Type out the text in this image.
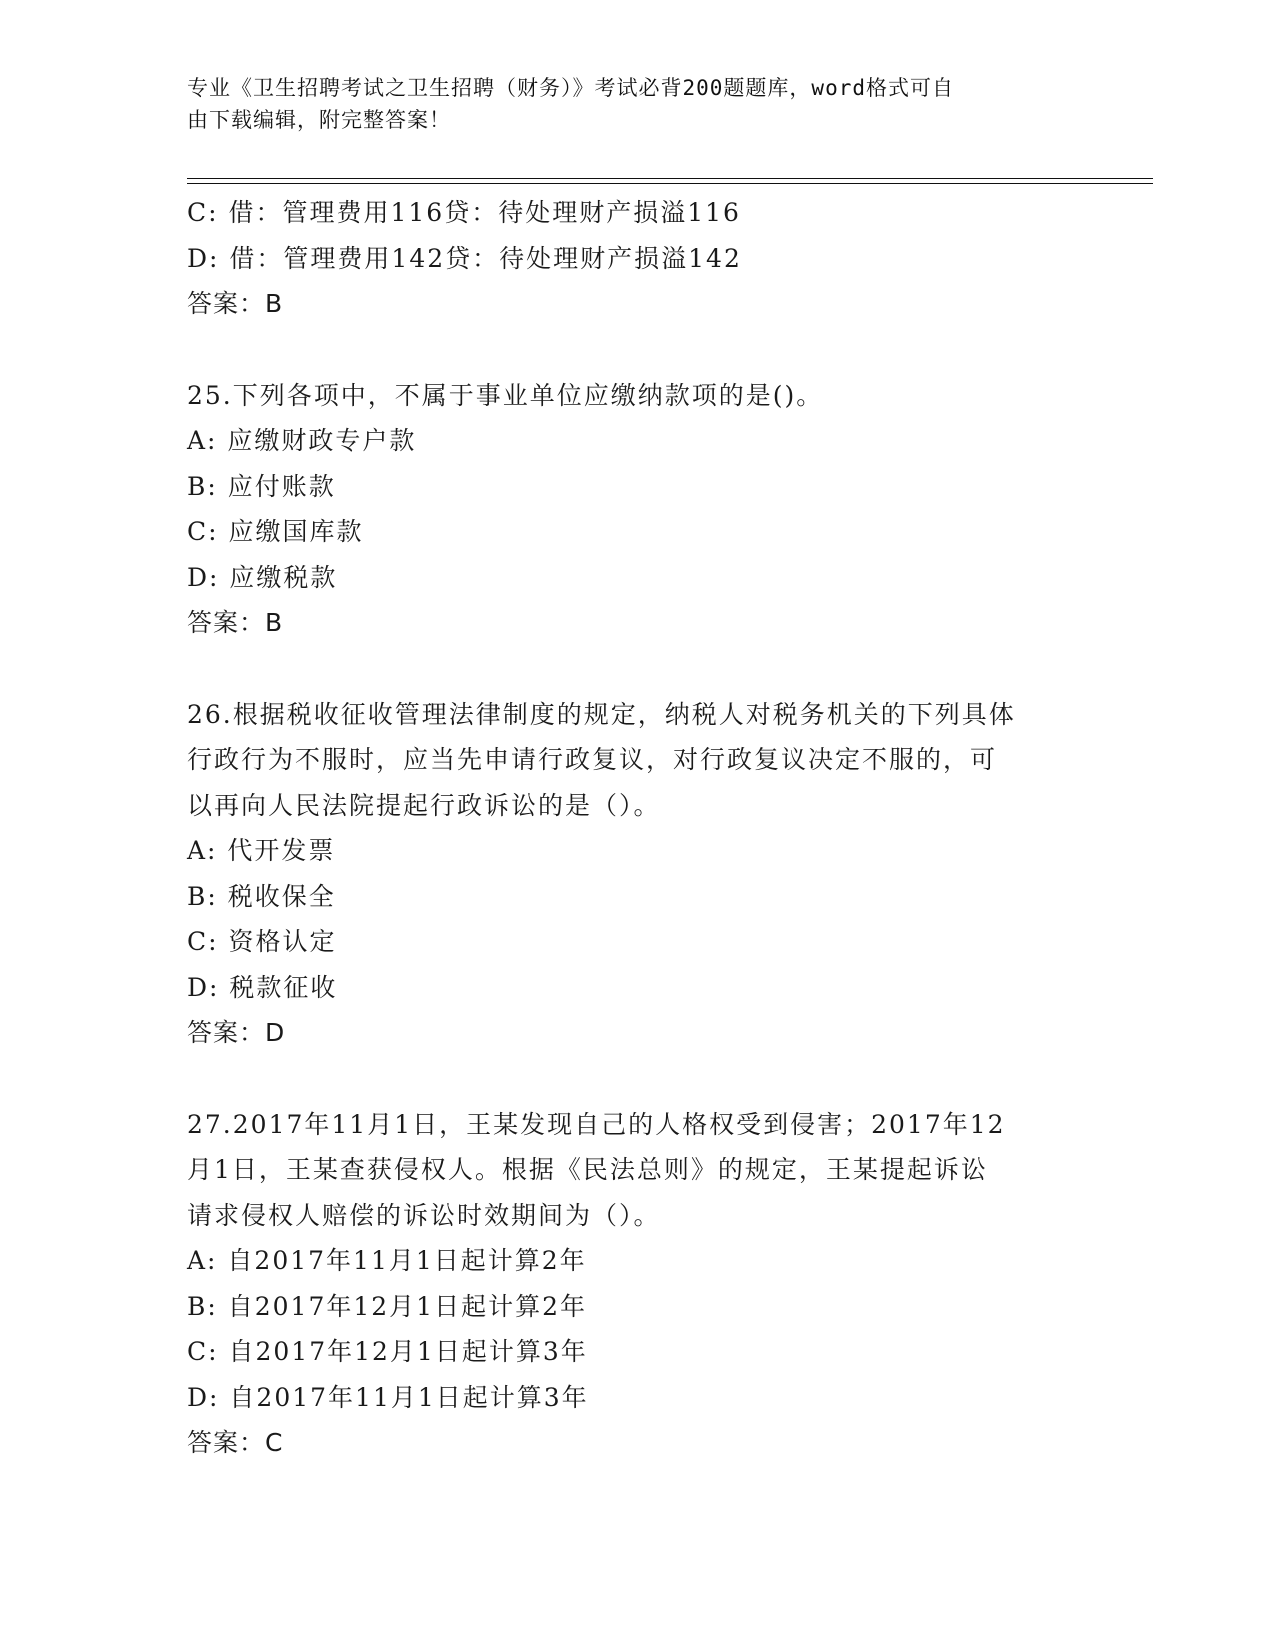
专业《卫生招聘考试之卫生招聘（财务）》考试必背200题题库，word格式可自
由下载编辑，附完整答案！
C: 借：管理费用116贷：待处理财产损溢116
D: 借：管理费用142贷：待处理财产损溢142
答案：B
25.下列各项中，不属于事业单位应缴纳款项的是()。
A: 应缴财政专户款
B: 应付账款
C: 应缴国库款
D: 应缴税款
答案：B
26.根据税收征收管理法律制度的规定，纳税人对税务机关的下列具体
行政行为不服时，应当先申请行政复议，对行政复议决定不服的，可
以再向人民法院提起行政诉讼的是（）。
A: 代开发票
B: 税收保全
C: 资格认定
D: 税款征收
答案：D
27.2017年11月1日，王某发现自己的人格权受到侵害；2017年12
月1日，王某查获侵权人。根据《民法总则》的规定，王某提起诉讼
请求侵权人赔偿的诉讼时效期间为（）。
A: 自2017年11月1日起计算2年
B: 自2017年12月1日起计算2年
C: 自2017年12月1日起计算3年
D: 自2017年11月1日起计算3年
答案：C
